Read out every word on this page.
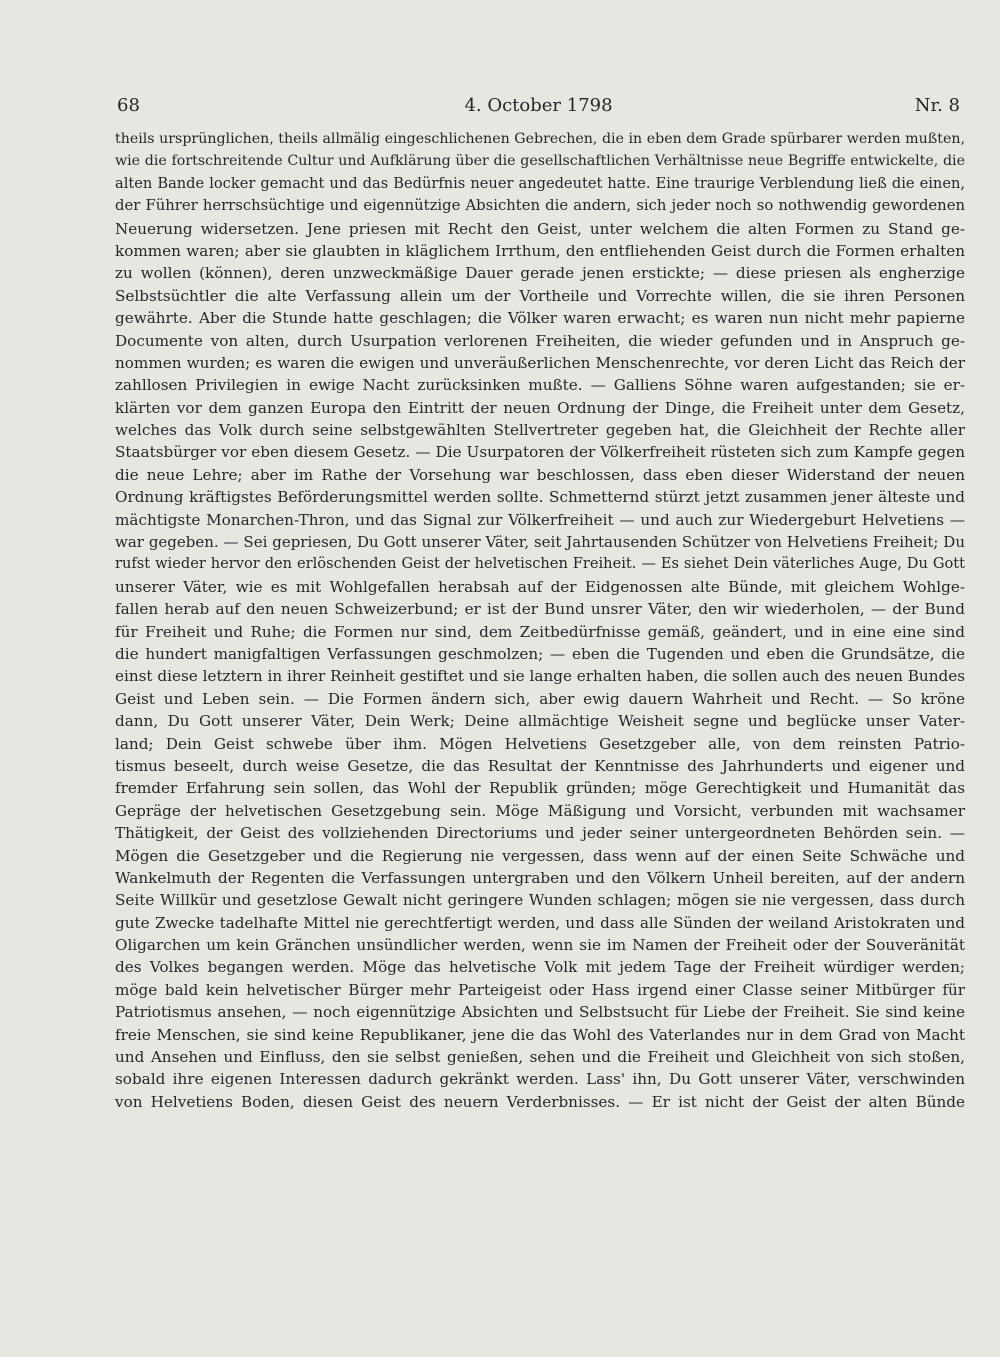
68	4. October 1798	Nr. 8
theils ursprünglichen, theils allmälig eingeschlichenen Gebrechen, die in eben dem Grade spürbarer werden mußten,
wie die fortschreitende Cultur und Aufklärung über die gesellschaftlichen Verhältnisse neue Begriffe entwickelte, die
alten Bande locker gemacht und das Bedürfnis neuer angedeutet hatte. Eine traurige Verblendung ließ die einen,
der Führer herrschsüchtige und eigennützige Absichten die andern, sich jeder noch so nothwendig gewordenen
Neuerung widersetzen. Jene priesen mit Recht den Geist, unter welchem die alten Formen zu Stand ge-
kommen waren; aber sie glaubten in kläglichem Irrthum, den entfliehenden Geist durch die Formen erhalten
zu wollen (können), deren unzweckmäßige Dauer gerade jenen erstickte; — diese priesen als engherzige
Selbstsüchtler die alte Verfassung allein um der Vortheile und Vorrechte willen, die sie ihren Personen
gewährte. Aber die Stunde hatte geschlagen; die Völker waren erwacht; es waren nun nicht mehr papierne
Documente von alten, durch Usurpation verlorenen Freiheiten, die wieder gefunden und in Anspruch ge-
nommen wurden; es waren die ewigen und unveräußerlichen Menschenrechte, vor deren Licht das Reich der
zahllosen Privilegien in ewige Nacht zurücksinken mußte. — Galliens Söhne waren aufgestanden; sie er-
klärten vor dem ganzen Europa den Eintritt der neuen Ordnung der Dinge, die Freiheit unter dem Gesetz,
welches das Volk durch seine selbstgewählten Stellvertreter gegeben hat, die Gleichheit der Rechte aller
Staatsbürger vor eben diesem Gesetz. — Die Usurpatoren der Völkerfreiheit rüsteten sich zum Kampfe gegen
die neue Lehre; aber im Rathe der Vorsehung war beschlossen, dass eben dieser Widerstand der neuen
Ordnung kräftigstes Beförderungsmittel werden sollte. Schmetternd stürzt jetzt zusammen jener älteste und
mächtigste Monarchen-Thron, und das Signal zur Völkerfreiheit — und auch zur Wiedergeburt Helvetiens —
war gegeben. — Sei gepriesen, Du Gott unserer Väter, seit Jahrtausenden Schützer von Helvetiens Freiheit; Du
rufst wieder hervor den erlöschenden Geist der helvetischen Freiheit. — Es siehet Dein väterliches Auge, Du Gott
unserer Väter, wie es mit Wohlgefallen herabsah auf der Eidgenossen alte Bünde, mit gleichem Wohlge-
fallen herab auf den neuen Schweizerbund; er ist der Bund unsrer Väter, den wir wiederholen, — der Bund
für Freiheit und Ruhe; die Formen nur sind, dem Zeitbedürfnisse gemäß, geändert, und in eine eine sind
die hundert manigfaltigen Verfassungen geschmolzen; — eben die Tugenden und eben die Grundsätze, die
einst diese letztern in ihrer Reinheit gestiftet und sie lange erhalten haben, die sollen auch des neuen Bundes
Geist und Leben sein. — Die Formen ändern sich, aber ewig dauern Wahrheit und Recht. — So kröne
dann, Du Gott unserer Väter, Dein Werk; Deine allmächtige Weisheit segne und beglücke unser Vater-
land; Dein Geist schwebe über ihm. Mögen Helvetiens Gesetzgeber alle, von dem reinsten Patrio-
tismus beseelt, durch weise Gesetze, die das Resultat der Kenntnisse des Jahrhunderts und eigener und
fremder Erfahrung sein sollen, das Wohl der Republik gründen; möge Gerechtigkeit und Humanität das
Gepräge der helvetischen Gesetzgebung sein. Möge Mäßigung und Vorsicht, verbunden mit wachsamer
Thätigkeit, der Geist des vollziehenden Directoriums und jeder seiner untergeordneten Behörden sein. —
Mögen die Gesetzgeber und die Regierung nie vergessen, dass wenn auf der einen Seite Schwäche und
Wankelmuth der Regenten die Verfassungen untergraben und den Völkern Unheil bereiten, auf der andern
Seite Willkür und gesetzlose Gewalt nicht geringere Wunden schlagen; mögen sie nie vergessen, dass durch
gute Zwecke tadelhafte Mittel nie gerechtfertigt werden, und dass alle Sünden der weiland Aristokraten und
Oligarchen um kein Gränchen unsündlicher werden, wenn sie im Namen der Freiheit oder der Souveränität
des Volkes begangen werden. Möge das helvetische Volk mit jedem Tage der Freiheit würdiger werden;
möge bald kein helvetischer Bürger mehr Parteigeist oder Hass irgend einer Classe seiner Mitbürger für
Patriotismus ansehen, — noch eigennützige Absichten und Selbstsucht für Liebe der Freiheit. Sie sind keine
freie Menschen, sie sind keine Republikaner, jene die das Wohl des Vaterlandes nur in dem Grad von Macht
und Ansehen und Einfluss, den sie selbst genießen, sehen und die Freiheit und Gleichheit von sich stoßen,
sobald ihre eigenen Interessen dadurch gekränkt werden. Lass' ihn, Du Gott unserer Väter, verschwinden
von Helvetiens Boden, diesen Geist des neuern Verderbnisses. — Er ist nicht der Geist der alten Bünde
